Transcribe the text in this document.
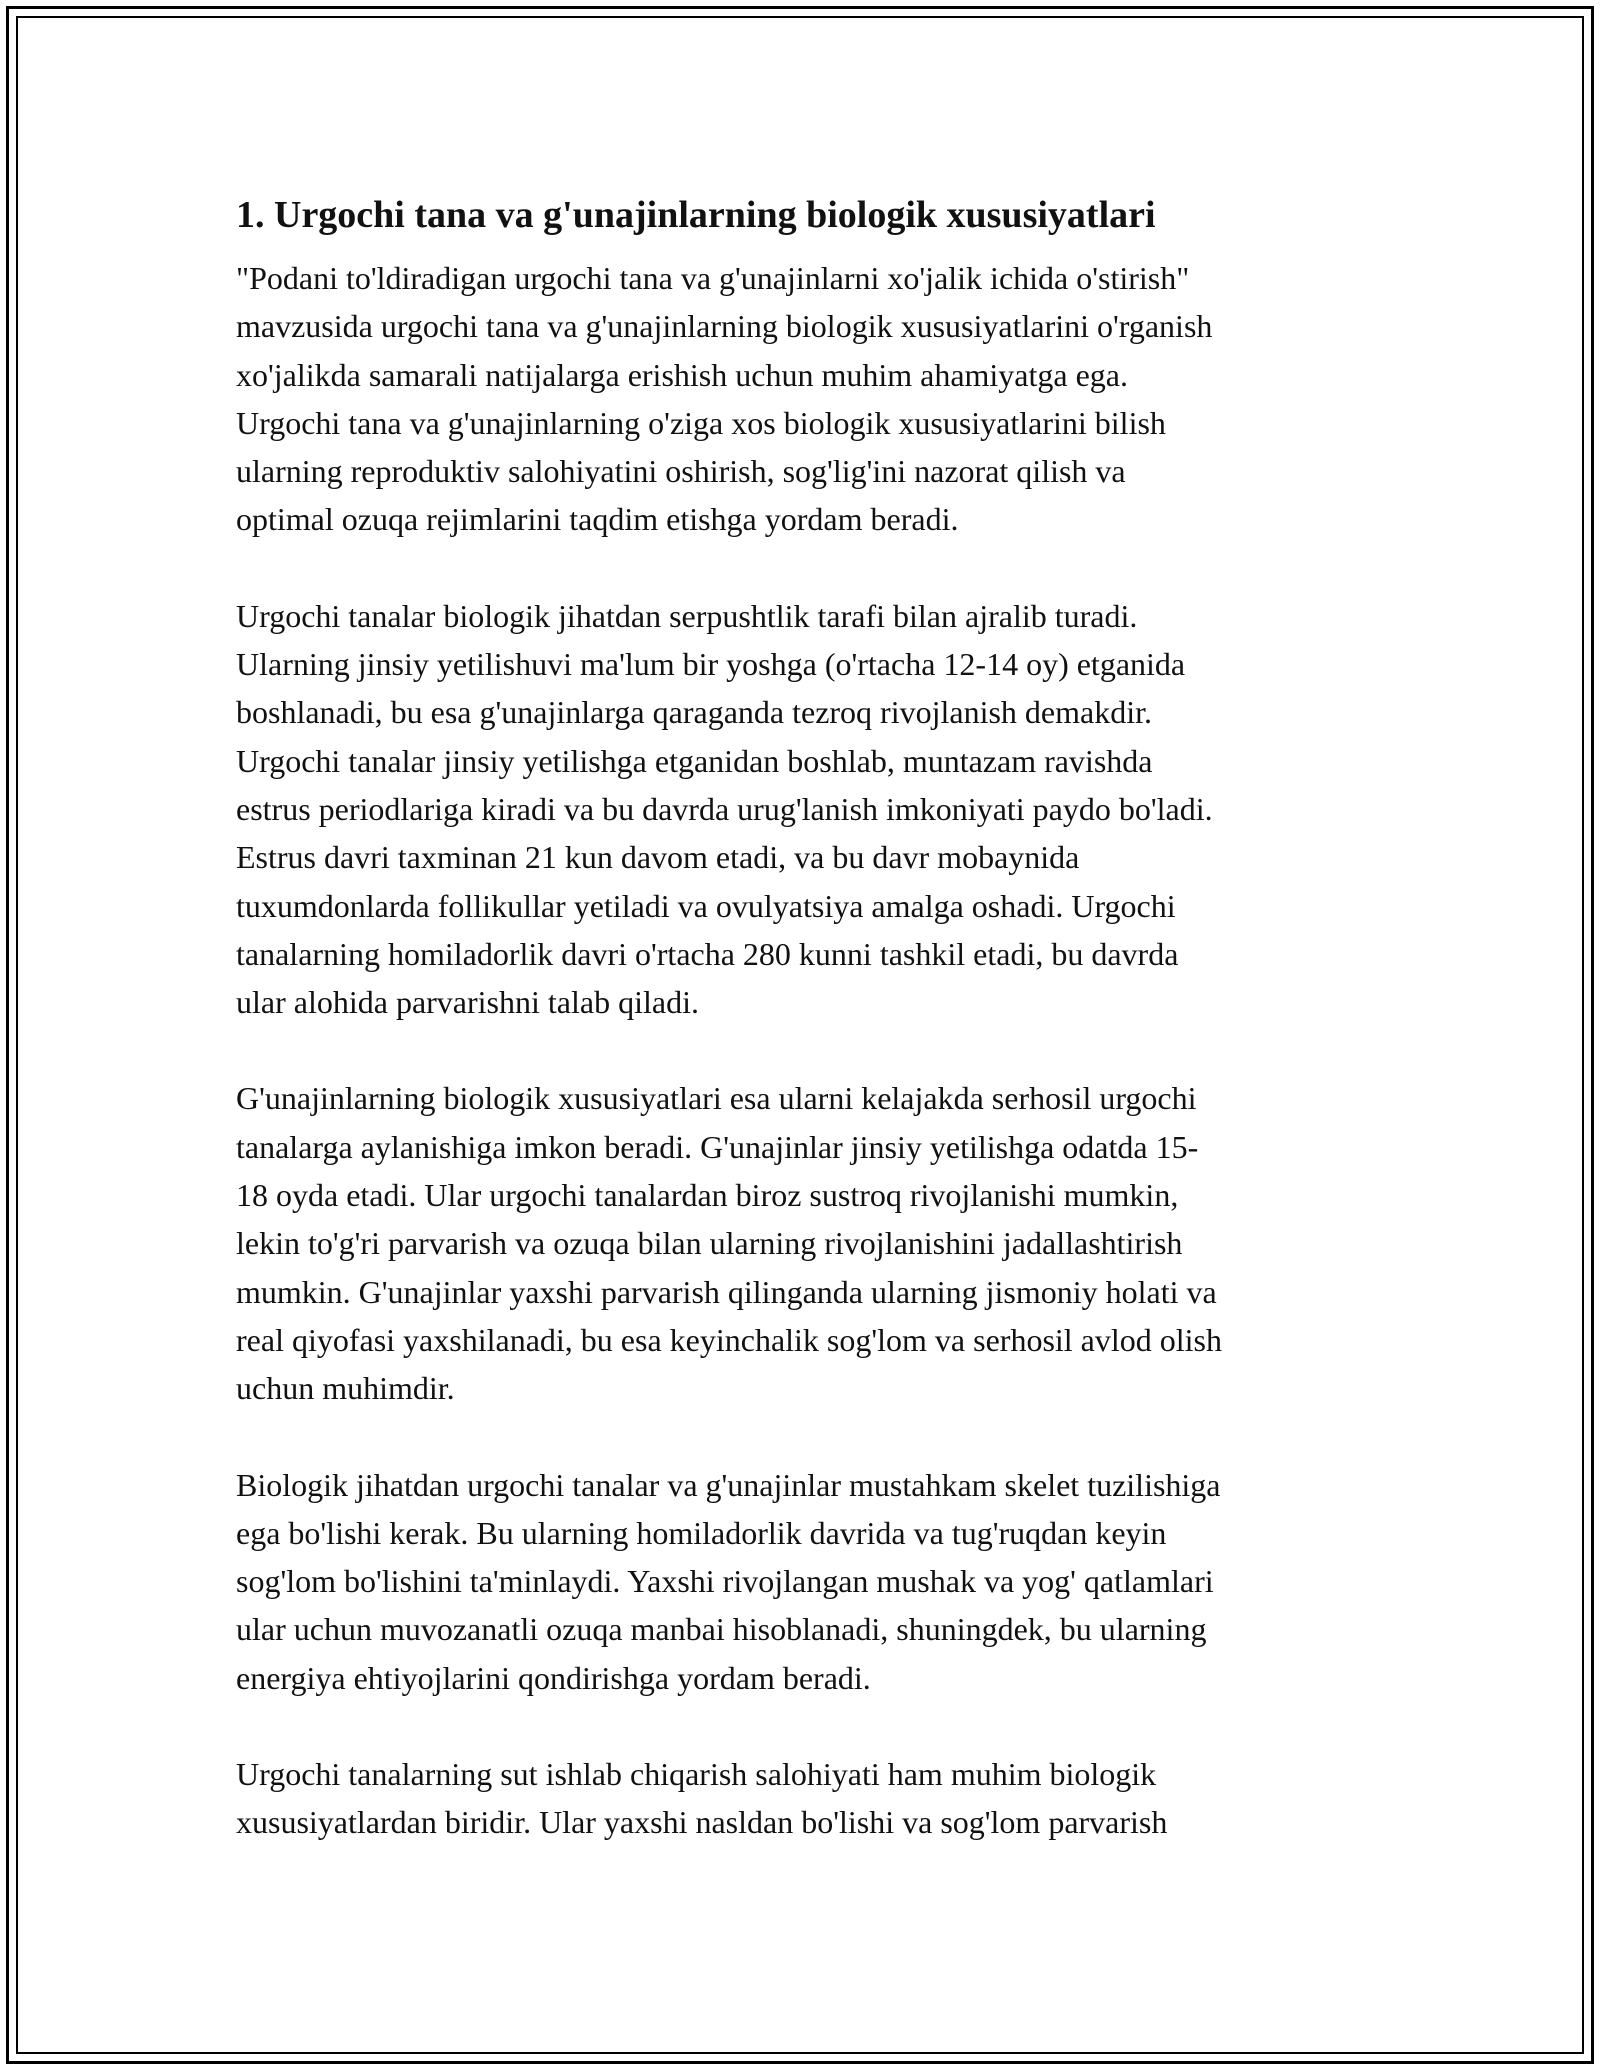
1. Urgochi tana va g'unajinlarning biologik xususiyatlari

"Podani to'ldiradigan urgochi tana va g'unajinlarni xo'jalik ichida o'stirish"
mavzusida urgochi tana va g'unajinlarning biologik xususiyatlarini o'rganish
xo'jalikda samarali natijalarga erishish uchun muhim ahamiyatga ega.
Urgochi tana va g'unajinlarning o'ziga xos biologik xususiyatlarini bilish
ularning reproduktiv salohiyatini oshirish, sog'lig'ini nazorat qilish va
optimal ozuqa rejimlarini taqdim etishga yordam beradi.

Urgochi tanalar biologik jihatdan serpushtlik tarafi bilan ajralib turadi.
Ularning jinsiy yetilishuvi ma'lum bir yoshga (o'rtacha 12-14 oy) etganida
boshlanadi, bu esa g'unajinlarga qaraganda tezroq rivojlanish demakdir.
Urgochi tanalar jinsiy yetilishga etganidan boshlab, muntazam ravishda
estrus periodlariga kiradi va bu davrda urug'lanish imkoniyati paydo bo'ladi.
Estrus davri taxminan 21 kun davom etadi, va bu davr mobaynida
tuxumdonlarda follikullar yetiladi va ovulyatsiya amalga oshadi. Urgochi
tanalarning homiladorlik davri o'rtacha 280 kunni tashkil etadi, bu davrda
ular alohida parvarishni talab qiladi.

G'unajinlarning biologik xususiyatlari esa ularni kelajakda serhosil urgochi
tanalarga aylanishiga imkon beradi. G'unajinlar jinsiy yetilishga odatda 15-
18 oyda etadi. Ular urgochi tanalardan biroz sustroq rivojlanishi mumkin,
lekin to'g'ri parvarish va ozuqa bilan ularning rivojlanishini jadallashtirish
mumkin. G'unajinlar yaxshi parvarish qilinganda ularning jismoniy holati va
real qiyofasi yaxshilanadi, bu esa keyinchalik sog'lom va serhosil avlod olish
uchun muhimdir.

Biologik jihatdan urgochi tanalar va g'unajinlar mustahkam skelet tuzilishiga
ega bo'lishi kerak. Bu ularning homiladorlik davrida va tug'ruqdan keyin
sog'lom bo'lishini ta'minlaydi. Yaxshi rivojlangan mushak va yog' qatlamlari
ular uchun muvozanatli ozuqa manbai hisoblanadi, shuningdek, bu ularning
energiya ehtiyojlarini qondirishga yordam beradi.

Urgochi tanalarning sut ishlab chiqarish salohiyati ham muhim biologik
xususiyatlardan biridir. Ular yaxshi nasldan bo'lishi va sog'lom parvarish
